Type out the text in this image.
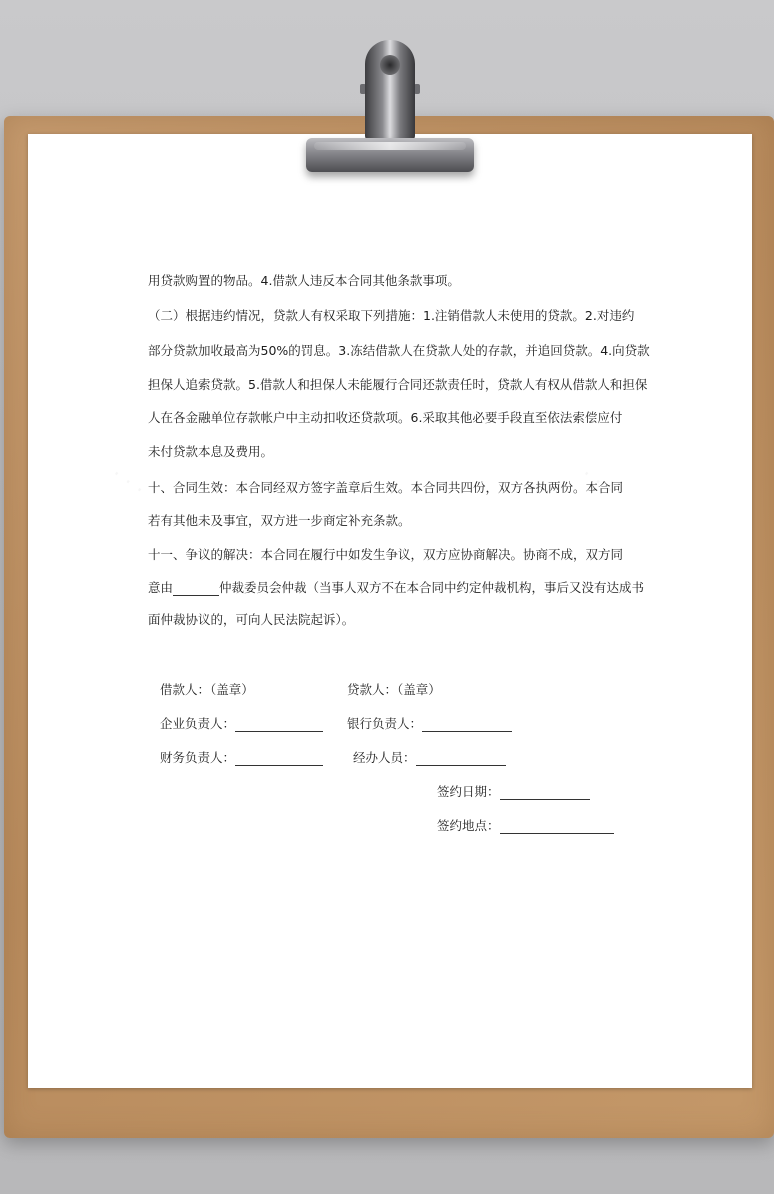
用贷款购置的物品。4.借款人违反本合同其他条款事项。
（二）根据违约情况，贷款人有权采取下列措施：1.注销借款人未使用的贷款。2.对违约
部分贷款加收最高为50%的罚息。3.冻结借款人在贷款人处的存款，并追回贷款。4.向贷款
担保人追索贷款。5.借款人和担保人未能履行合同还款责任时，贷款人有权从借款人和担保
人在各金融单位存款帐户中主动扣收还贷款项。6.采取其他必要手段直至依法索偿应付
未付贷款本息及费用。
十、合同生效：本合同经双方签字盖章后生效。本合同共四份，双方各执两份。本合同
若有其他未及事宜，双方进一步商定补充条款。
十一、争议的解决：本合同在履行中如发生争议，双方应协商解决。协商不成，双方同
意由	仲裁委员会仲裁（当事人双方不在本合同中约定仲裁机构，事后又没有达成书
面仲裁协议的，可向人民法院起诉）。
借款人：（盖章）	贷款人：（盖章）
企业负责人：	银行负责人：
财务负责人：	经办人员：
签约日期：
签约地点：
